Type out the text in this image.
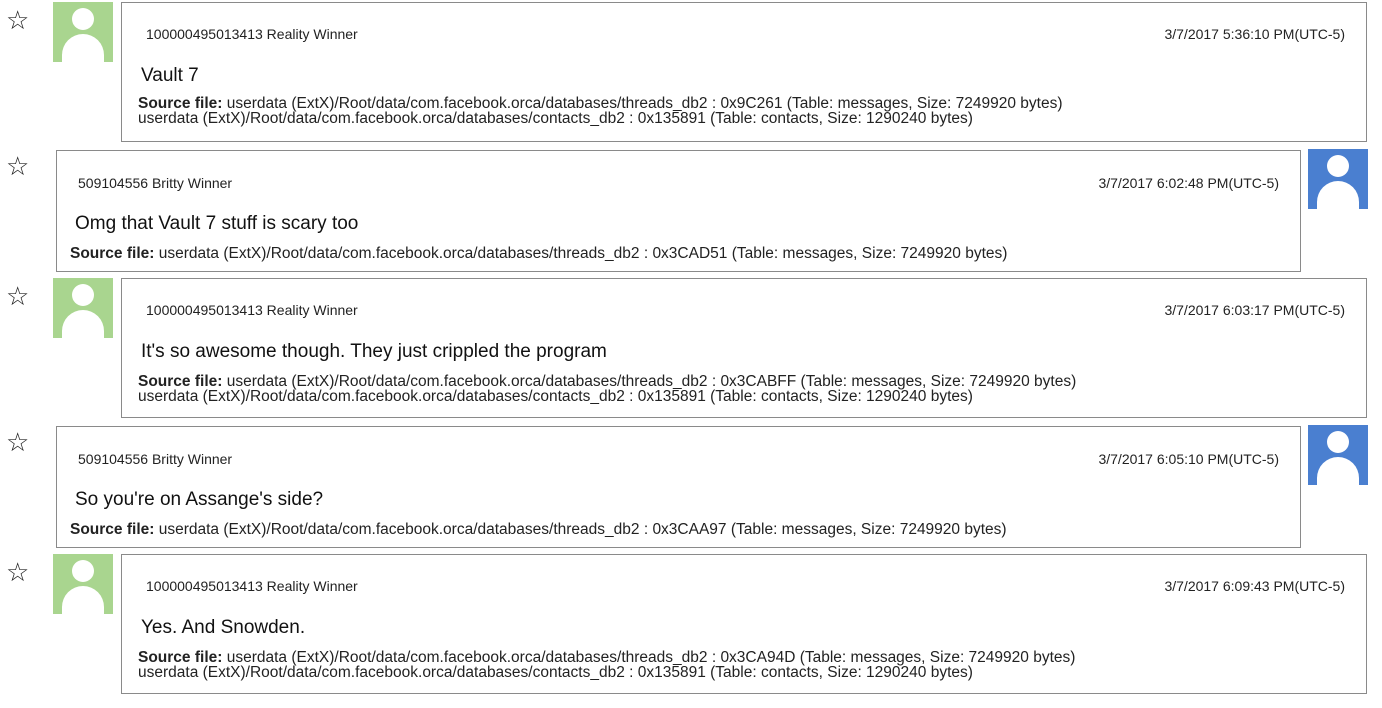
☆	100000495013413 Reality Winner	3/7/2017 5:36:10 PM(UTC-5)
Vault 7
Source file: userdata (ExtX)/Root/data/com.facebook.orca/databases/threads_db2 : 0x9C261 (Table: messages, Size: 7249920 bytes)
userdata (ExtX)/Root/data/com.facebook.orca/databases/contacts_db2 : 0x135891 (Table: contacts, Size: 1290240 bytes)
☆
509104556 Britty Winner	3/7/2017 6:02:48 PM(UTC-5)
Omg that Vault 7 stuff is scary too
Source file: userdata (ExtX)/Root/data/com.facebook.orca/databases/threads_db2 : 0x3CAD51 (Table: messages, Size: 7249920 bytes)
☆	100000495013413 Reality Winner	3/7/2017 6:03:17 PM(UTC-5)
It's so awesome though. They just crippled the program
Source file: userdata (ExtX)/Root/data/com.facebook.orca/databases/threads_db2 : 0x3CABFF (Table: messages, Size: 7249920 bytes)
userdata (ExtX)/Root/data/com.facebook.orca/databases/contacts_db2 : 0x135891 (Table: contacts, Size: 1290240 bytes)
☆
509104556 Britty Winner	3/7/2017 6:05:10 PM(UTC-5)
So you're on Assange's side?
Source file: userdata (ExtX)/Root/data/com.facebook.orca/databases/threads_db2 : 0x3CAA97 (Table: messages, Size: 7249920 bytes)
☆	100000495013413 Reality Winner	3/7/2017 6:09:43 PM(UTC-5)
Yes. And Snowden.
Source file: userdata (ExtX)/Root/data/com.facebook.orca/databases/threads_db2 : 0x3CA94D (Table: messages, Size: 7249920 bytes)
userdata (ExtX)/Root/data/com.facebook.orca/databases/contacts_db2 : 0x135891 (Table: contacts, Size: 1290240 bytes)
